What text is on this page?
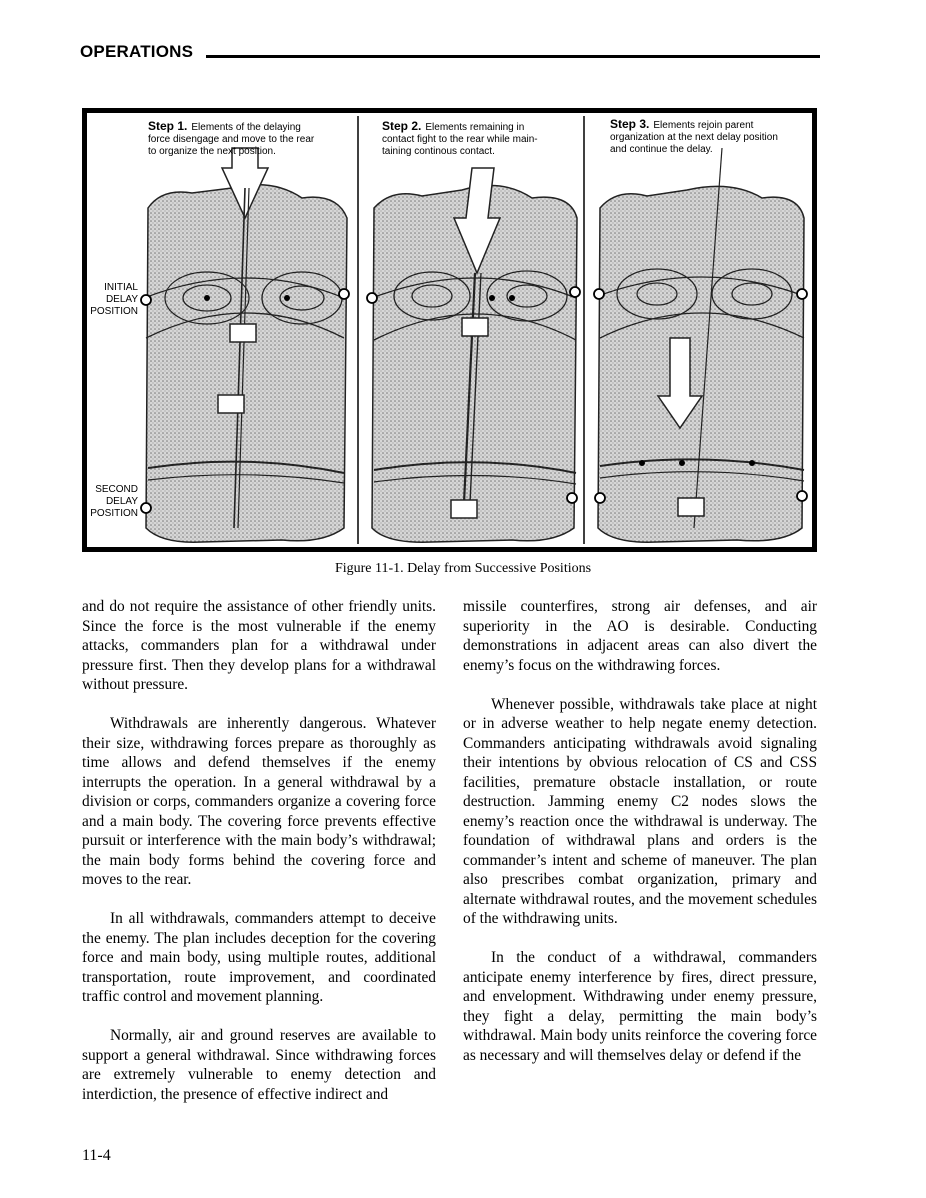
OPERATIONS
Step 1. Elements of the delaying
force disengage and move to the rear
to organize the next position.
Step 2. Elements remaining in
contact fight to the rear while main-
taining continous contact.
Step 3. Elements rejoin parent
organization at the next delay position
and continue the delay.
INITIAL
DELAY
POSITION
SECOND
DELAY
POSITION
Figure 11-1. Delay from Successive Positions

and do not require the assistance of other friendly units. Since the force is the most vulnerable if the enemy attacks, commanders plan for a withdrawal under pressure first. Then they develop plans for a withdrawal without pressure.

Withdrawals are inherently dangerous. Whatever their size, withdrawing forces prepare as thoroughly as time allows and defend themselves if the enemy interrupts the operation. In a general withdrawal by a division or corps, commanders organize a covering force and a main body. The covering force prevents effective pursuit or interference with the main body’s withdrawal; the main body forms behind the covering force and moves to the rear.

In all withdrawals, commanders attempt to deceive the enemy. The plan includes deception for the covering force and main body, using multiple routes, additional transportation, route improvement, and coordinated traffic control and movement planning.

Normally, air and ground reserves are available to support a general withdrawal. Since withdrawing forces are extremely vulnerable to enemy detection and interdiction, the presence of effective indirect and

missile counterfires, strong air defenses, and air superiority in the AO is desirable. Conducting demonstrations in adjacent areas can also divert the enemy’s focus on the withdrawing forces.

Whenever possible, withdrawals take place at night or in adverse weather to help negate enemy detection. Commanders anticipating withdrawals avoid signaling their intentions by obvious relocation of CS and CSS facilities, premature obstacle installation, or route destruction. Jamming enemy C2 nodes slows the enemy’s reaction once the withdrawal is underway. The foundation of withdrawal plans and orders is the commander’s intent and scheme of maneuver. The plan also prescribes combat organization, primary and alternate withdrawal routes, and the movement schedules of the withdrawing units.

In the conduct of a withdrawal, commanders anticipate enemy interference by fires, direct pressure, and envelopment. Withdrawing under enemy pressure, they fight a delay, permitting the main body’s withdrawal. Main body units reinforce the covering force as necessary and will themselves delay or defend if the

11-4
